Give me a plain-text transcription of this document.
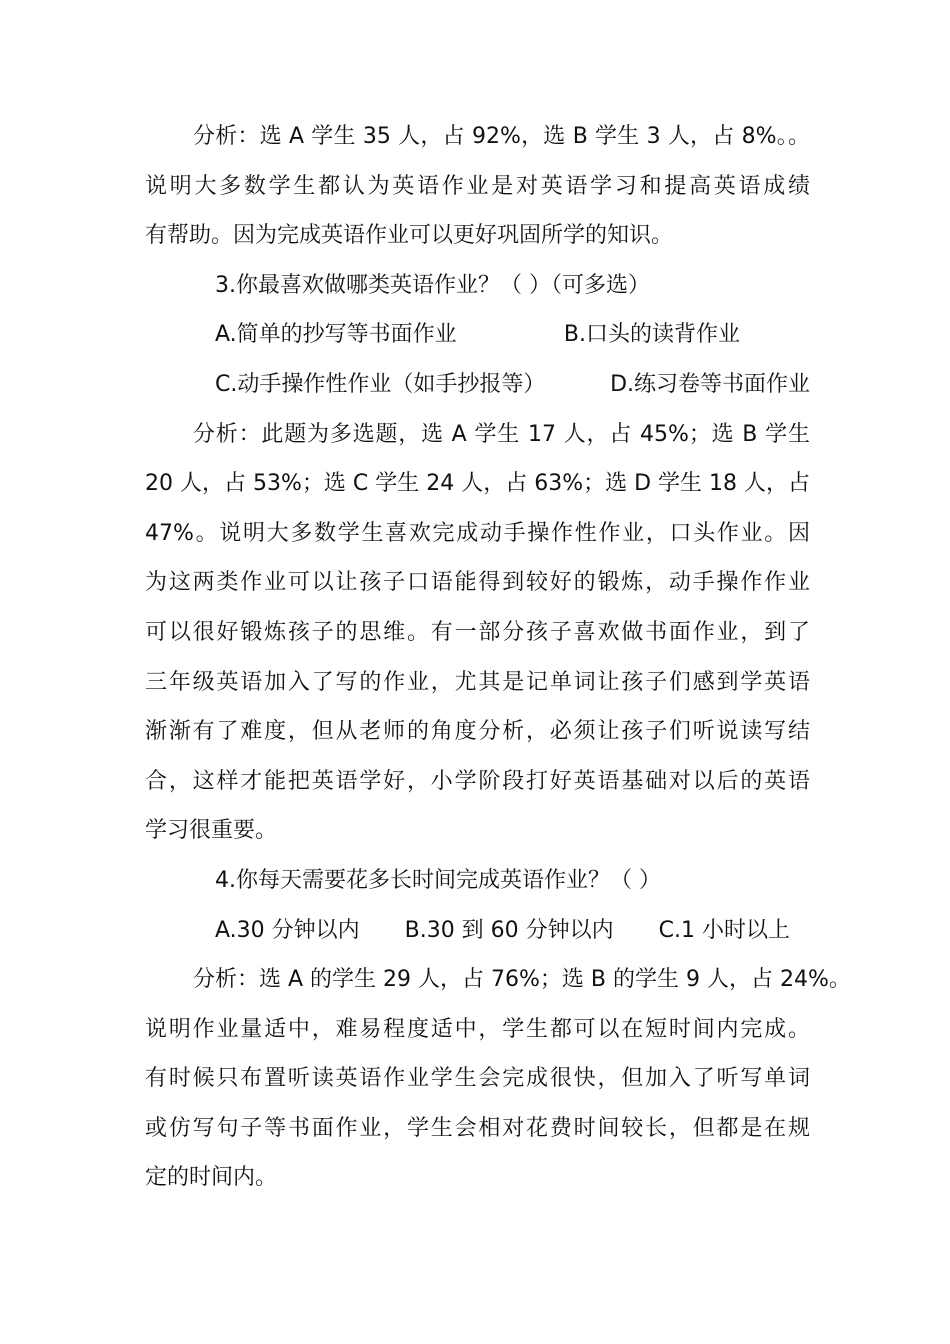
分析：选 A 学生 35 人，占 92%，选 B 学生 3 人，占 8%。。
说明大多数学生都认为英语作业是对英语学习和提高英语成绩
有帮助。因为完成英语作业可以更好巩固所学的知识。
3.你最喜欢做哪类英语作业？（ ）（可多选）
A.简单的抄写等书面作业	B.口头的读背作业
C.动手操作性作业（如手抄报等）	D.练习卷等书面作业
分析：此题为多选题，选 A 学生 17 人，占 45%；选 B 学生
20 人，占 53%；选 C 学生 24 人，占 63%；选 D 学生 18 人，占
47%。说明大多数学生喜欢完成动手操作性作业，口头作业。因
为这两类作业可以让孩子口语能得到较好的锻炼，动手操作作业
可以很好锻炼孩子的思维。有一部分孩子喜欢做书面作业，到了
三年级英语加入了写的作业，尤其是记单词让孩子们感到学英语
渐渐有了难度，但从老师的角度分析，必须让孩子们听说读写结
合，这样才能把英语学好，小学阶段打好英语基础对以后的英语
学习很重要。
4.你每天需要花多长时间完成英语作业？（ ）
A.30 分钟以内 B.30 到 60 分钟以内 C.1 小时以上
分析：选 A 的学生 29 人，占 76%；选 B 的学生 9 人，占 24%。
说明作业量适中，难易程度适中，学生都可以在短时间内完成。
有时候只布置听读英语作业学生会完成很快，但加入了听写单词
或仿写句子等书面作业，学生会相对花费时间较长，但都是在规
定的时间内。
